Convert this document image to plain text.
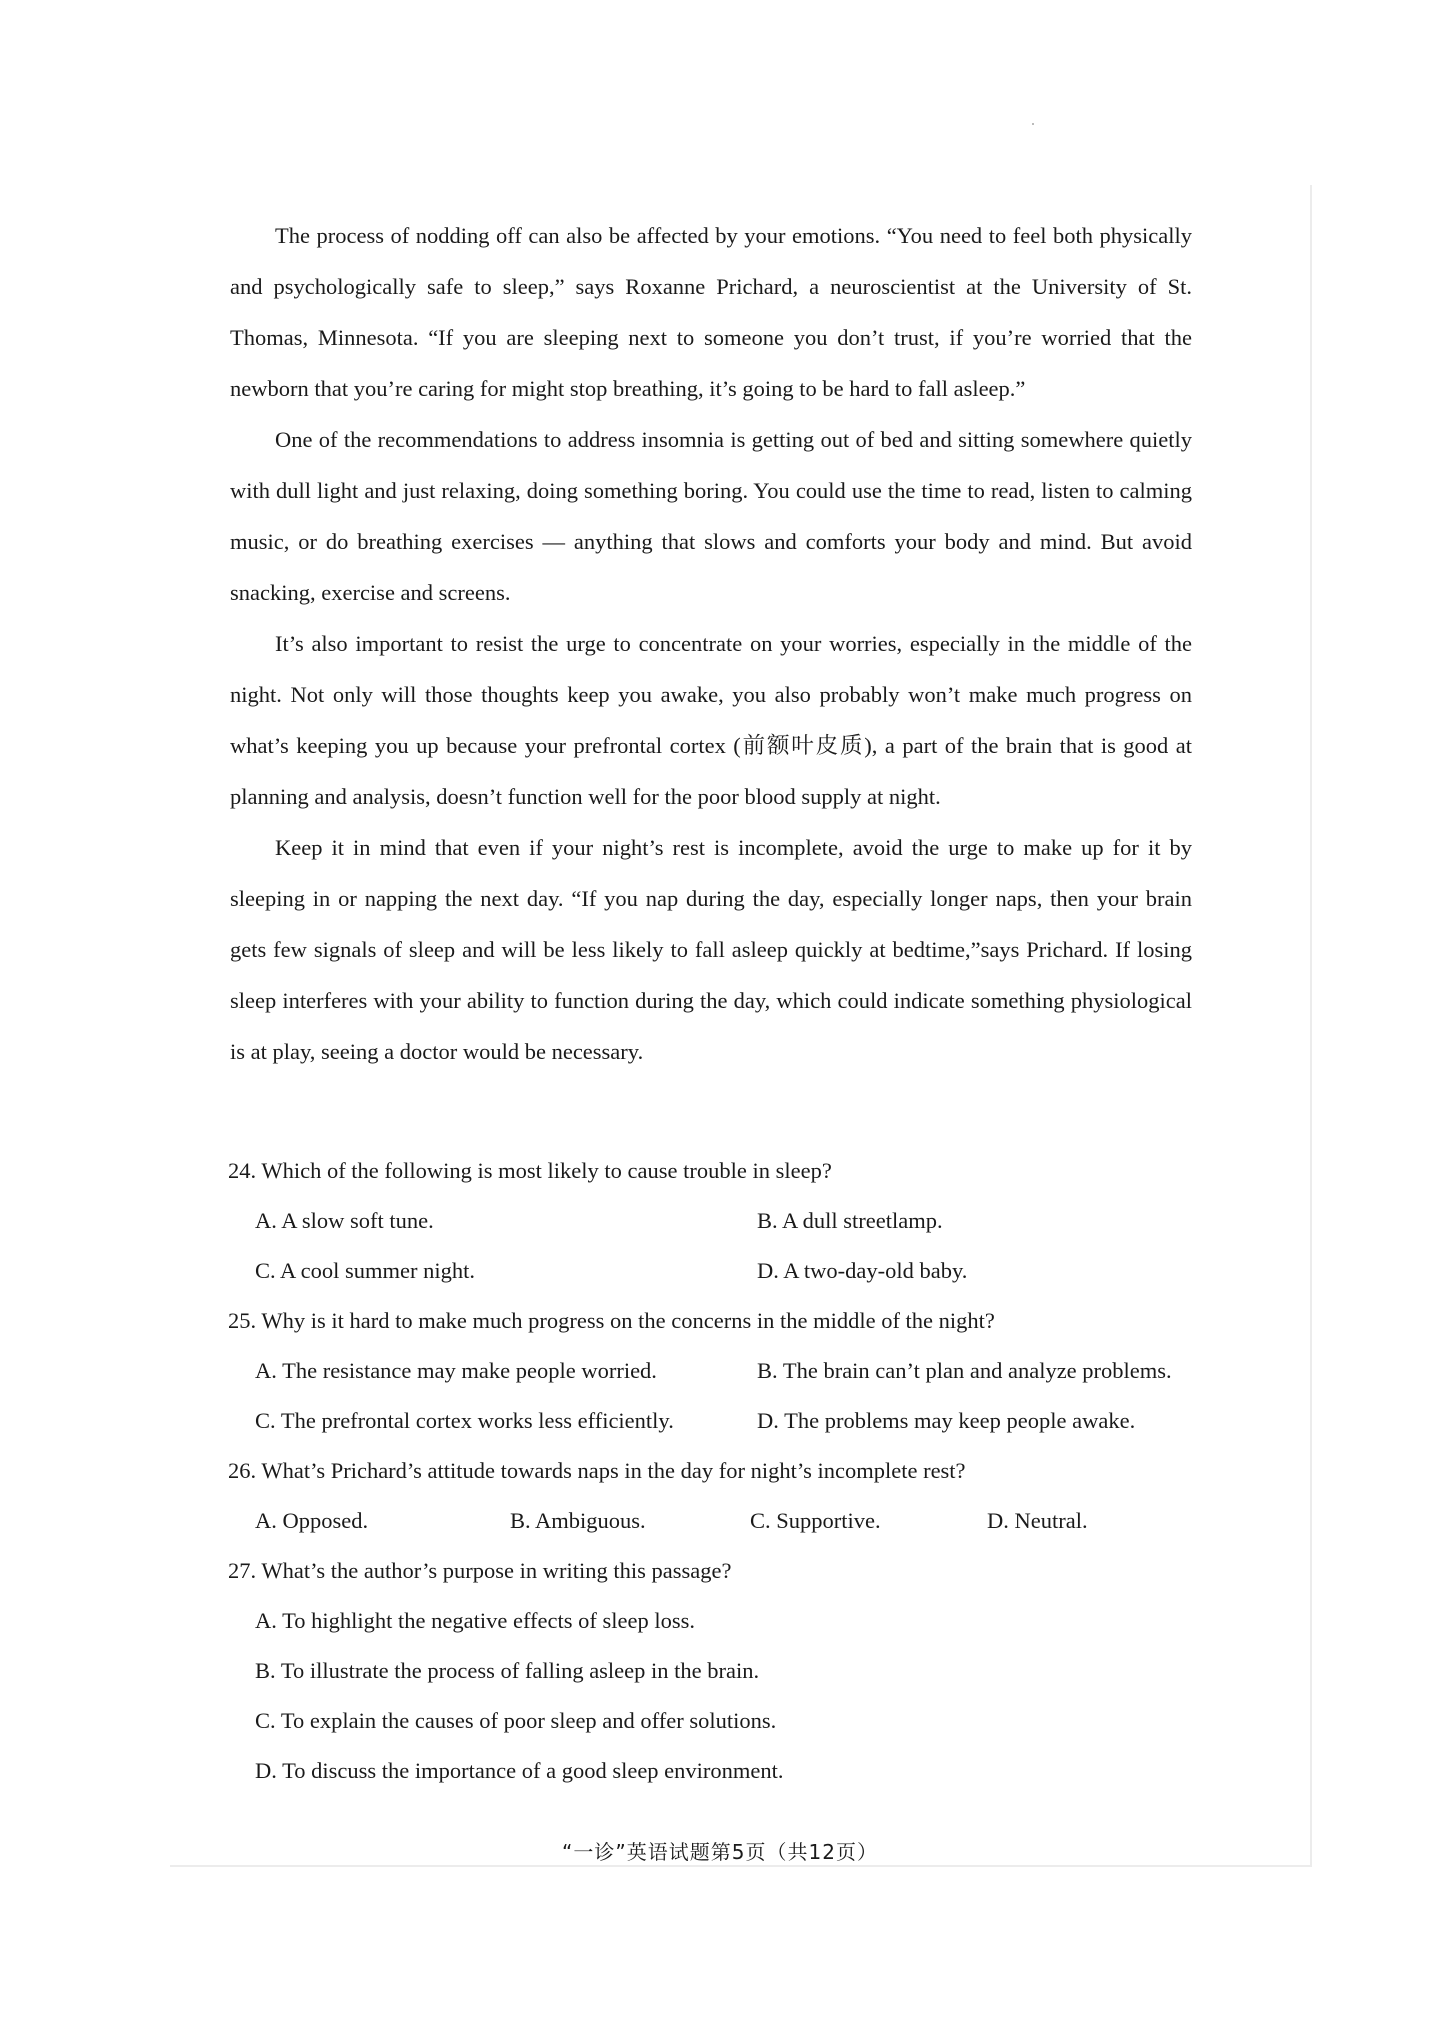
The process of nodding off can also be affected by your emotions. “You need to feel both physically and psychologically safe to sleep,” says Roxanne Prichard, a neuroscientist at the University of St. Thomas, Minnesota. “If you are sleeping next to someone you don’t trust, if you’re worried that the newborn that you’re caring for might stop breathing, it’s going to be hard to fall asleep.”

One of the recommendations to address insomnia is getting out of bed and sitting somewhere quietly with dull light and just relaxing, doing something boring. You could use the time to read, listen to calming music, or do breathing exercises — anything that slows and comforts your body and mind. But avoid snacking, exercise and screens.

It’s also important to resist the urge to concentrate on your worries, especially in the middle of the night. Not only will those thoughts keep you awake, you also probably won’t make much progress on what’s keeping you up because your prefrontal cortex (前额叶皮质), a part of the brain that is good at planning and analysis, doesn’t function well for the poor blood supply at night.

Keep it in mind that even if your night’s rest is incomplete, avoid the urge to make up for it by sleeping in or napping the next day. “If you nap during the day, especially longer naps, then your brain gets few signals of sleep and will be less likely to fall asleep quickly at bedtime,”says Prichard. If losing sleep interferes with your ability to function during the day, which could indicate something physiological is at play, seeing a doctor would be necessary.

24. Which of the following is most likely to cause trouble in sleep?
A. A slow soft tune.	B. A dull streetlamp.
C. A cool summer night.	D. A two-day-old baby.
25. Why is it hard to make much progress on the concerns in the middle of the night?
A. The resistance may make people worried.	B. The brain can’t plan and analyze problems.
C. The prefrontal cortex works less efficiently.	D. The problems may keep people awake.
26. What’s Prichard’s attitude towards naps in the day for night’s incomplete rest?
A. Opposed.	B. Ambiguous.	C. Supportive.	D. Neutral.
27. What’s the author’s purpose in writing this passage?
A. To highlight the negative effects of sleep loss.
B. To illustrate the process of falling asleep in the brain.
C. To explain the causes of poor sleep and offer solutions.
D. To discuss the importance of a good sleep environment.
“一诊”英语试题第5页（共12页）
